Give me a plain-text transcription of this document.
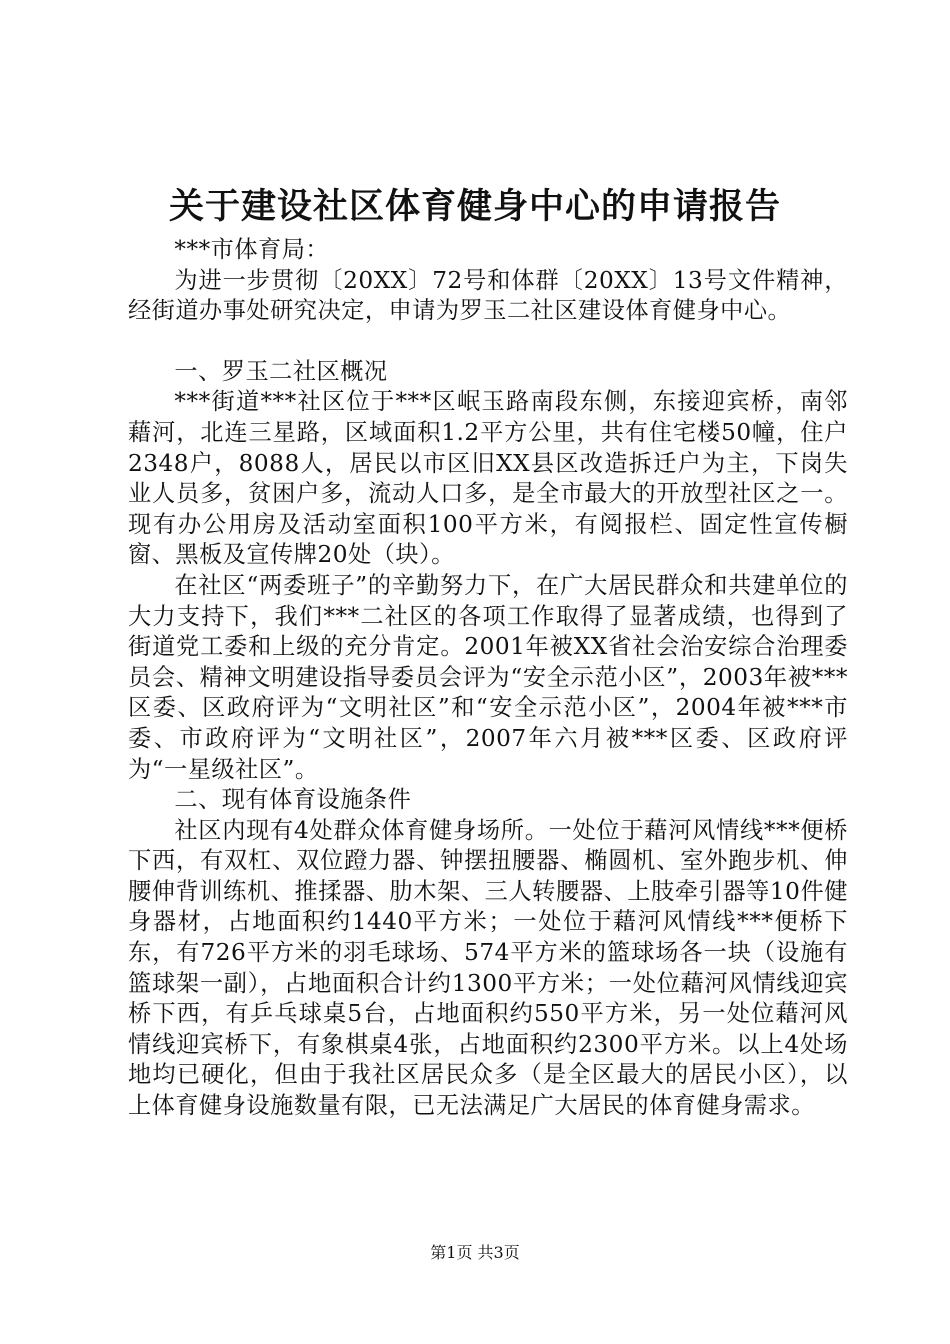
关于建设社区体育健身中心的申请报告

***市体育局：

为进一步贯彻〔20XX〕72号和体群〔20XX〕13号文件精神，经街道办事处研究决定，申请为罗玉二社区建设体育健身中心。

一、罗玉二社区概况

***街道***社区位于***区岷玉路南段东侧，东接迎宾桥，南邻藉河，北连三星路，区域面积1.2平方公里，共有住宅楼50幢，住户2348户，8088人，居民以市区旧XX县区改造拆迁户为主，下岗失业人员多，贫困户多，流动人口多，是全市最大的开放型社区之一。现有办公用房及活动室面积100平方米，有阅报栏、固定性宣传橱窗、黑板及宣传牌20处（块）。

在社区“两委班子”的辛勤努力下，在广大居民群众和共建单位的大力支持下，我们***二社区的各项工作取得了显著成绩，也得到了街道党工委和上级的充分肯定。2001年被XX省社会治安综合治理委员会、精神文明建设指导委员会评为“安全示范小区”，2003年被***区委、区政府评为“文明社区”和“安全示范小区”，2004年被***市委、市政府评为“文明社区”，2007年六月被***区委、区政府评为“一星级社区”。

二、现有体育设施条件

社区内现有4处群众体育健身场所。一处位于藉河风情线***便桥下西，有双杠、双位蹬力器、钟摆扭腰器、椭圆机、室外跑步机、伸腰伸背训练机、推揉器、肋木架、三人转腰器、上肢牵引器等10件健身器材，占地面积约1440平方米；一处位于藉河风情线***便桥下东，有726平方米的羽毛球场、574平方米的篮球场各一块（设施有篮球架一副），占地面积合计约1300平方米；一处位藉河风情线迎宾桥下西，有乒乓球桌5台，占地面积约550平方米，另一处位藉河风情线迎宾桥下，有象棋桌4张，占地面积约2300平方米。以上4处场地均已硬化，但由于我社区居民众多（是全区最大的居民小区），以上体育健身设施数量有限，已无法满足广大居民的体育健身需求。

第1页 共3页
